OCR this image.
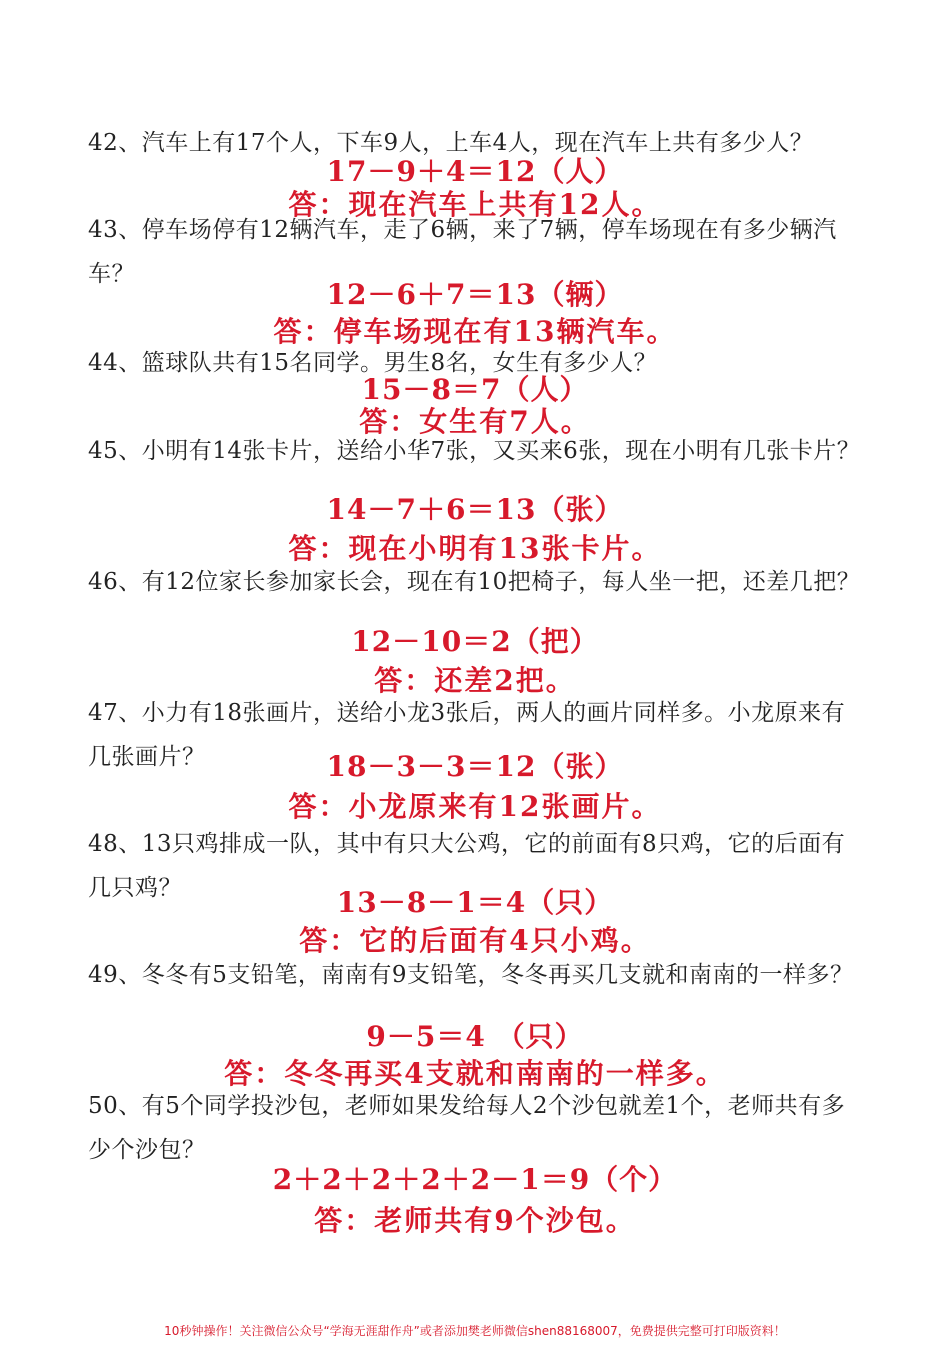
42、汽车上有17个人，下车9人，上车4人，现在汽车上共有多少人？
17－9＋4＝12（人）
答：现在汽车上共有12人。
43、停车场停有12辆汽车，走了6辆，来了7辆，停车场现在有多少辆汽车？
12－6＋7＝13（辆）
答：停车场现在有13辆汽车。
44、篮球队共有15名同学。男生8名，女生有多少人？
15－8＝7（人）
答：女生有7人。
45、小明有14张卡片，送给小华7张，又买来6张，现在小明有几张卡片？
14－7＋6＝13（张）
答：现在小明有13张卡片。
46、有12位家长参加家长会，现在有10把椅子，每人坐一把，还差几把？
12－10＝2（把）
答：还差2把。
47、小力有18张画片，送给小龙3张后，两人的画片同样多。小龙原来有几张画片？	18－3－3＝12（张）
答：小龙原来有12张画片。
48、13只鸡排成一队，其中有只大公鸡，它的前面有8只鸡，它的后面有几只鸡？	13－8－1＝4（只）
答：它的后面有4只小鸡。
49、冬冬有5支铅笔，南南有9支铅笔，冬冬再买几支就和南南的一样多？
9－5＝4 （只）
答：冬冬再买4支就和南南的一样多。
50、有5个同学投沙包，老师如果发给每人2个沙包就差1个，老师共有多少个沙包？
2＋2＋2＋2＋2－1＝9（个）
答：老师共有9个沙包。
10秒钟操作！关注微信公众号“学海无涯甜作舟”或者添加樊老师微信shen88168007，免费提供完整可打印版资料！
